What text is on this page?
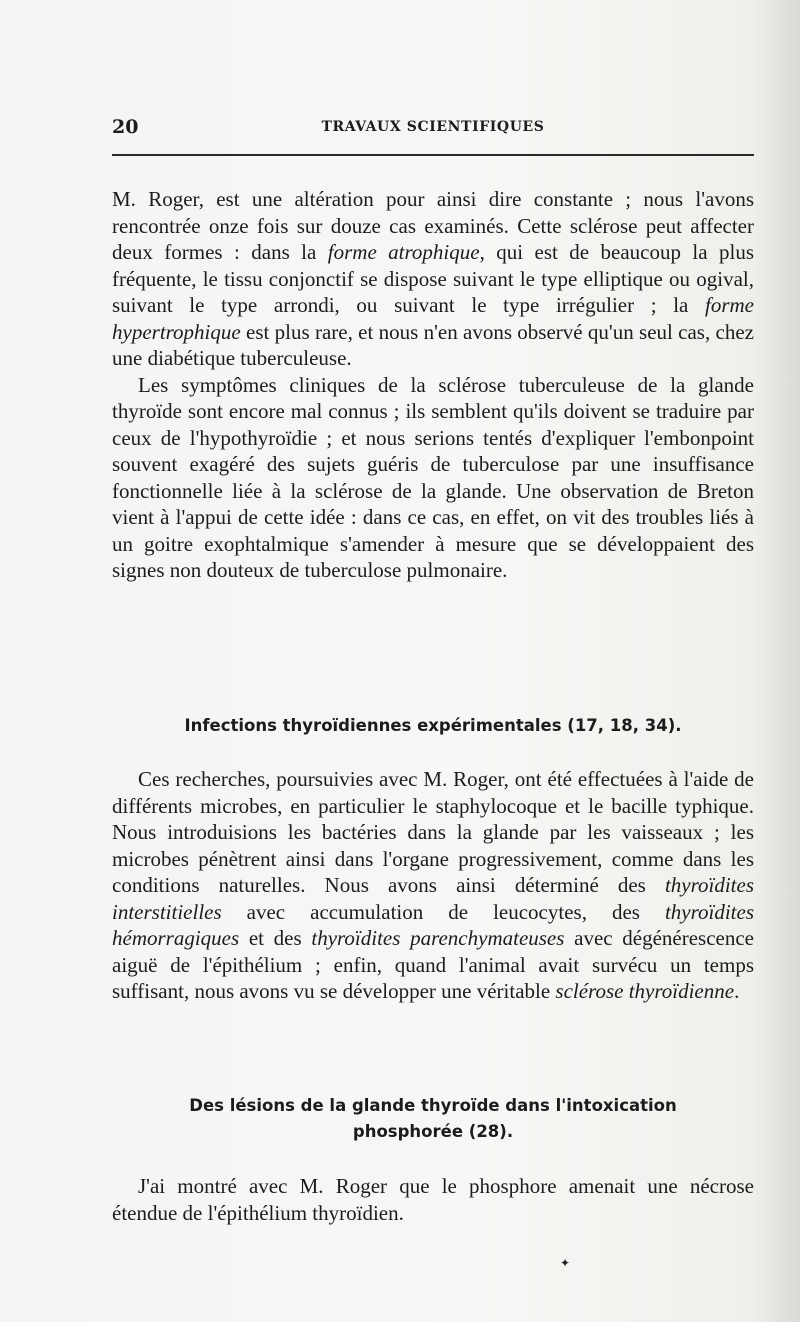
20	TRAVAUX SCIENTIFIQUES

M. Roger, est une altération pour ainsi dire constante ; nous l'avons rencontrée onze fois sur douze cas examinés. Cette sclérose peut affecter deux formes : dans la forme atrophique, qui est de beaucoup la plus fréquente, le tissu conjonctif se dispose suivant le type elliptique ou ogival, suivant le type arrondi, ou suivant le type irrégulier ; la forme hypertrophique est plus rare, et nous n'en avons observé qu'un seul cas, chez une diabétique tuberculeuse.

Les symptômes cliniques de la sclérose tuberculeuse de la glande thyroïde sont encore mal connus ; ils semblent qu'ils doivent se traduire par ceux de l'hypothyroïdie ; et nous serions tentés d'expliquer l'embonpoint souvent exagéré des sujets guéris de tuberculose par une insuffisance fonctionnelle liée à la sclérose de la glande. Une observation de Breton vient à l'appui de cette idée : dans ce cas, en effet, on vit des troubles liés à un goitre exophtalmique s'amender à mesure que se développaient des signes non douteux de tuberculose pulmonaire.

Infections thyroïdiennes expérimentales (17, 18, 34).
Ces recherches, poursuivies avec M. Roger, ont été effectuées à l'aide de différents microbes, en particulier le staphylocoque et le bacille typhique. Nous introduisions les bactéries dans la glande par les vaisseaux ; les microbes pénètrent ainsi dans l'organe progressivement, comme dans les conditions naturelles. Nous avons ainsi déterminé des thyroïdites interstitielles avec accumulation de leucocytes, des thyroïdites hémorragiques et des thyroïdites parenchymateuses avec dégénérescence aiguë de l'épithélium ; enfin, quand l'animal avait survécu un temps suffisant, nous avons vu se développer une véritable sclérose thyroïdienne.
Des lésions de la glande thyroïde dans l'intoxication
phosphorée (28).
J'ai montré avec M. Roger que le phosphore amenait une nécrose étendue de l'épithélium thyroïdien.
✦
